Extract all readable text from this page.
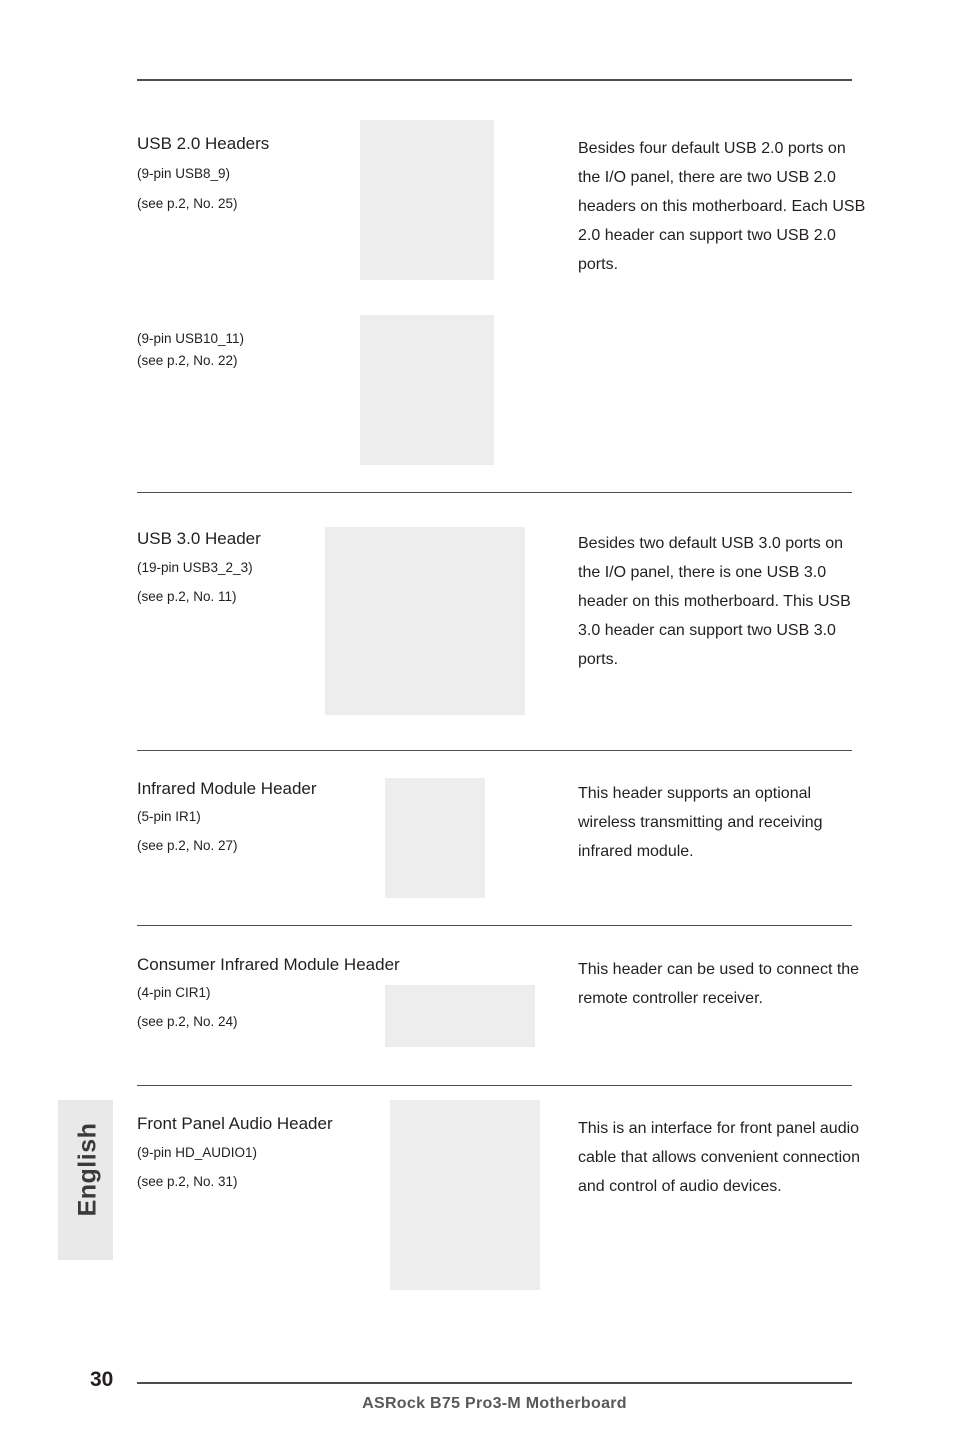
English
USB 2.0 Headers
(9-pin USB8_9)
(see p.2, No. 25)
(9-pin USB10_11)
(see p.2, No. 22)
Besides four default USB 2.0 ports on the I/O panel, there are two USB 2.0 headers on this motherboard. Each USB 2.0 header can support two USB 2.0 ports.
USB 3.0 Header
(19-pin USB3_2_3)
(see p.2, No. 11)
Besides two default USB 3.0 ports on the I/O panel, there is one USB 3.0 header on this motherboard. This USB 3.0 header can support two USB 3.0 ports.
Infrared Module Header
(5-pin IR1)
(see p.2, No. 27)
This header supports an optional wireless transmitting and receiving infrared module.
Consumer Infrared Module Header
(4-pin CIR1)
(see p.2, No. 24)
This header can be used to connect the remote controller receiver.
Front Panel Audio Header
(9-pin HD_AUDIO1)
(see p.2, No. 31)
This is an interface for front panel audio cable that allows convenient connection and control of audio devices.
30
ASRock B75 Pro3-M Motherboard
